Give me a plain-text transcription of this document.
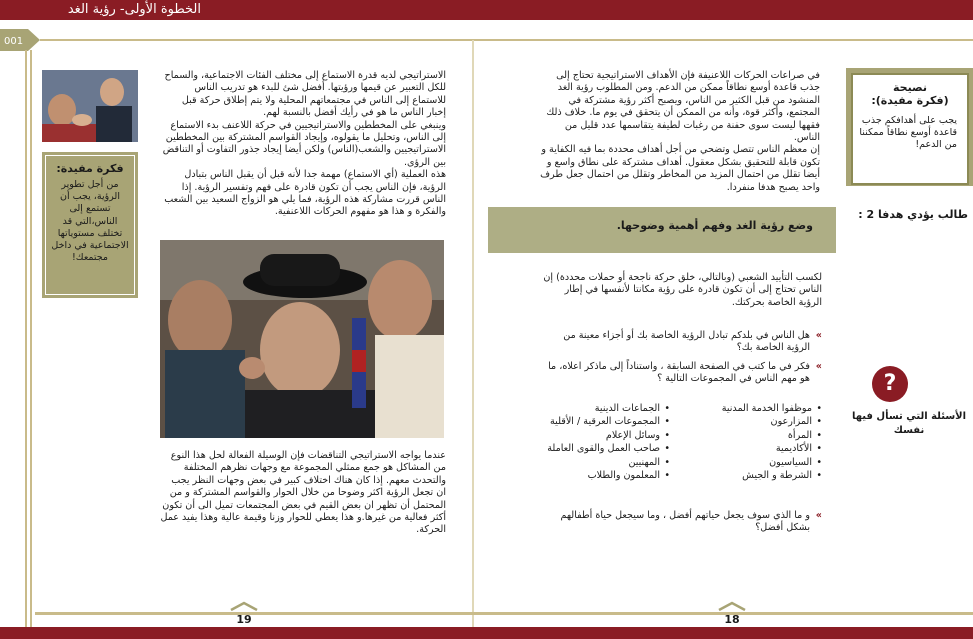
الخطوة الأولى- رؤية الغد
001
نصيحة
(فكرة مفيدة):
يجب على أهدافكم جذب قاعدة أوسع نطاقاً ممكننا من الدعم!

في صراعات الحركات اللاعنيفة فإن الأهداف الاستراتيجية تحتاج إلى جذب قاعدة أوسع نطاقاً ممكن من الدعم. ومن المطلوب رؤية الغد المنشود من قبل الكثير من الناس، ويصبح أكثر رؤية مشتركة في المجتمع، وأكثر قوة، وأنه من الممكن أن يتحقق في يوم ما. خلاف ذلك فقهها ليست سوى حفنة من رغبات لطيفة يتقاسمها عدد قليل من الناس.

إن معظم الناس تتصل وتضحي من أجل أهداف محددة بما فيه الكفاية و تكون قابلة للتحقيق بشكل معقول. أهداف مشتركة على نطاق واسع و أيضا تقلل من احتمال المزيد من المخاطر وتقلل من احتمال جعل طرف واحد يصبح هدفا منفردا.

وضع رؤية الغد وفهم أهمية وضوحها.
طالب يؤدي هدفا 2 :
لكسب التأييد الشعبي (وبالتالي، خلق حركة ناجحة أو حملات محددة) إن الناس تحتاج إلى أن تكون قادرة على رؤية مكانتا لأنفسها في إطار الرؤية الخاصة بحركتك.
» هل الناس في بلدكم تبادل الرؤية الخاصة بك أو أجزاء معينة من الرؤية الخاصة بك؟
» فكر في ما كتب في الصفحة السابقة ، واستناداً إلى ماذكر اعلاه، ما هو مهم الناس في المجموعات التالية ؟
• موظفوا الخدمة المدنية
• المزارعون
• المرأة
• الأكاديمية
• السياسيون
• الشرطة و الجيش
• الجماعات الدينية
• المجموعات العرقية / الأقلية
• وسائل الإعلام
• صاحب العمل والقوى العاملة
• المهنيين
• المعلمون والطلاب
» و ما الذي سوف يجعل حياتهم أفضل ، وما سيجعل حياة أطفالهم بشكل أفضل؟
?
الأسئلة التي تسأل فيها نفسك

الاستراتيجي لديه قدرة الاستماع إلى مختلف الفئات الاجتماعية، والسماح للكل التعبير عن قيمها ورؤيتها. أفضل شئ للبدء هو تدريب الناس للاستماع إلى الناس في مجتمعاتهم المحلية ولا يتم إطلاق حركة قبل إخبار الناس ما هو في رأيك أفضل بالنسبة لهم.

وينبغي على المخططين والاستراتيجيين في حركة اللاعنف بدء الاستماع إلى الناس، وتحليل ما يقولوه، وإيجاد القواسم المشتركة بين المخططين الاستراتيجيين والشعب(الناس) ولكن أيضا إيجاد جذور التفاوت أو التناقض بين الرؤى.

هذه العملية (أي الاستماع) مهمة جدا لأنه قبل أن يقبل الناس بتبادل الرؤية، فإن الناس يجب أن تكون قادرة على فهم وتفسير الرؤية. إذا الناس قررت مشاركة هذه الرؤية، فما يلي هو الزواج السعيد بين الشعب والفكرة و هذا هو مفهوم الحركات اللاعنفية.

عندما يواجه الاستراتيجي التناقضات فإن الوسيلة الفعالة لحل هذا النوع من المشاكل هو جمع ممثلي المجموعة مع وجهات نظرهم المختلفة والتحدث معهم. إذا كان هناك اختلاف كبير في بعض وجهات النظر يجب ان تجعل الرؤية اكثر وضوحا من خلال الحوار والقواسم المشتركة و من المحتمل أن تظهر ان بعض القيم في بعض المجتمعات تميل الى أن تكون أكثر فعالية من غيرها.و هذا يعطي للحوار وزنا وقيمة عالية وهذا يفيد عمل الحركة.
فكرة مفيدة:
من أجل تطوير الرؤية، يجب أن تستمع إلى الناس،التي قد تختلف مستوياتها الاجتماعية في داخل مجتمعك!
19	18
